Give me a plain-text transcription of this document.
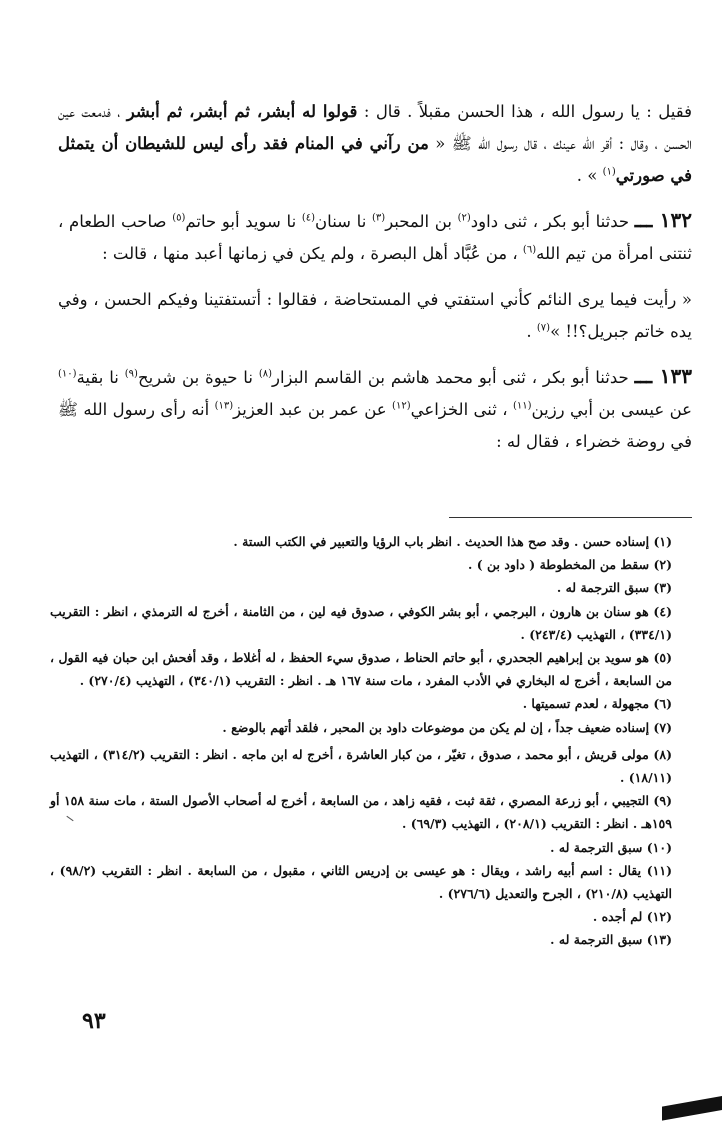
فقيل : يا رسول الله ، هذا الحسن مقبلاً . قال : قولوا له أبشر، ثم أبشر، ثم أبشر ، فدمعت عين الحسن ، وقال : أقر الله عينك ، قال رسول الله ﷺ « من رآني في المنام فقد رأى ليس للشيطان أن يتمثل في صورتي$^{(١)}$ » .

١٣٢ ـــ حدثنا أبو بكر ، ثنى داود$^{(٢)}$ بن المحبر$^{(٣)}$ نا سنان$^{(٤)}$ نا سويد أبو حاتم$^{(٥)}$ صاحب الطعام ، ثنتنى امرأة من تيم الله$^{(٦)}$ ، من عُبَّاد أهل البصرة ، ولم يكن في زمانها أعبد منها ، قالت :

« رأيت فيما يرى النائم كأني استفتي في المستحاضة ، فقالوا : أتستفتينا وفيكم الحسن ، وفي يده خاتم جبريل؟!! »$^{(٧)}$ .

١٣٣ ـــ حدثنا أبو بكر ، ثنى أبو محمد هاشم بن القاسم البزار$^{(٨)}$ نا حيوة بن شريح$^{(٩)}$ نا بقية$^{(١٠)}$ عن عيسى بن أبي رزين$^{(١١)}$ ، ثنى الخزاعي$^{(١٢)}$ عن عمر بن عبد العزيز$^{(١٣)}$ أنه رأى رسول الله ﷺ في روضة خضراء ، فقال له :

(١) إسناده حسن . وقد صح هذا الحديث . انظر باب الرؤيا والتعبير في الكتب الستة .

(٢) سقط من المخطوطة ( داود بن ) .

(٣) سبق الترجمة له .

(٤) هو سنان بن هارون ، البرجمي ، أبو بشر الكوفي ، صدوق فيه لين ، من الثامنة ، أخرج له الترمذي ، انظر : التقريب (٣٣٤/١) ، التهذيب (٢٤٣/٤) .

(٥) هو سويد بن إبراهيم الجحدري ، أبو حاتم الحناط ، صدوق سيء الحفظ ، له أغلاط ، وقد أفحش ابن حبان فيه القول ، من السابعة ، أخرج له البخاري في الأدب المفرد ، مات سنة ١٦٧ هـ . انظر : التقريب (٣٤٠/١) ، التهذيب (٢٧٠/٤) .

(٦) مجهولة ، لعدم تسميتها .

(٧) إسناده ضعيف جداً ، إن لم يكن من موضوعات داود بن المحبر ، فلقد أتهم بالوضع .

(٨) مولى قريش ، أبو محمد ، صدوق ، تغيّر ، من كبار العاشرة ، أخرج له ابن ماجه . انظر : التقريب (٣١٤/٢) ، التهذيب (١٨/١١) .

(٩) التجيبي ، أبو زرعة المصري ، ثقة ثبت ، فقيه زاهد ، من السابعة ، أخرج له أصحاب الأصول الستة ، مات سنة ١٥٨ أو ١٥٩هـ . انظر : التقريب (٢٠٨/١) ، التهذيب (٦٩/٣) .

(١٠) سبق الترجمة له .

(١١) يقال : اسم أبيه راشد ، ويقال : هو عيسى بن إدريس الثاني ، مقبول ، من السابعة . انظر : التقريب (٩٨/٢) ، التهذيب (٢١٠/٨) ، الجرح والتعديل (٢٧٦/٦) .

(١٢) لم أجده .

(١٣) سبق الترجمة له .

٩٣
